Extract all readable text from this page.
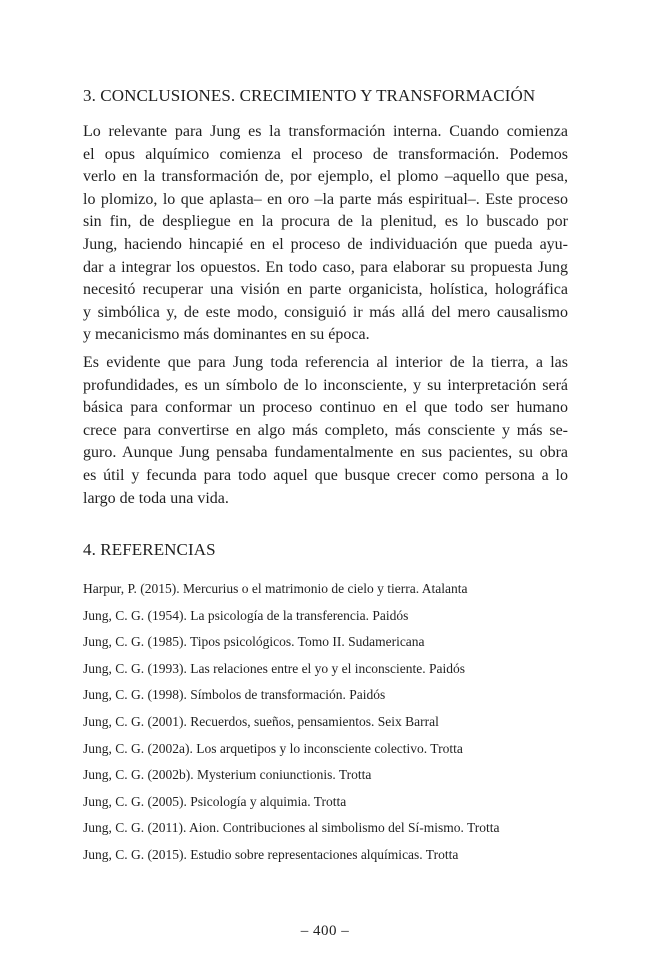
3. CONCLUSIONES. CRECIMIENTO Y TRANSFORMACIÓN

Lo relevante para Jung es la transformación interna. Cuando comienza
el opus alquímico comienza el proceso de transformación. Podemos
verlo en la transformación de, por ejemplo, el plomo –aquello que pesa,
lo plomizo, lo que aplasta– en oro –la parte más espiritual–. Este proceso
sin fin, de despliegue en la procura de la plenitud, es lo buscado por
Jung, haciendo hincapié en el proceso de individuación que pueda ayu-
dar a integrar los opuestos. En todo caso, para elaborar su propuesta Jung
necesitó recuperar una visión en parte organicista, holística, holográfica
y simbólica y, de este modo, consiguió ir más allá del mero causalismo
y mecanicismo más dominantes en su época.

Es evidente que para Jung toda referencia al interior de la tierra, a las
profundidades, es un símbolo de lo inconsciente, y su interpretación será
básica para conformar un proceso continuo en el que todo ser humano
crece para convertirse en algo más completo, más consciente y más se-
guro. Aunque Jung pensaba fundamentalmente en sus pacientes, su obra
es útil y fecunda para todo aquel que busque crecer como persona a lo
largo de toda una vida.

4. REFERENCIAS
Harpur, P. (2015). Mercurius o el matrimonio de cielo y tierra. Atalanta
Jung, C. G. (1954). La psicología de la transferencia. Paidós
Jung, C. G. (1985). Tipos psicológicos. Tomo II. Sudamericana
Jung, C. G. (1993). Las relaciones entre el yo y el inconsciente. Paidós
Jung, C. G. (1998). Símbolos de transformación. Paidós
Jung, C. G. (2001). Recuerdos, sueños, pensamientos. Seix Barral
Jung, C. G. (2002a). Los arquetipos y lo inconsciente colectivo. Trotta
Jung, C. G. (2002b). Mysterium coniunctionis. Trotta
Jung, C. G. (2005). Psicología y alquimia. Trotta
Jung, C. G. (2011). Aion. Contribuciones al simbolismo del Sí-mismo. Trotta
Jung, C. G. (2015). Estudio sobre representaciones alquímicas. Trotta
– 400 –
